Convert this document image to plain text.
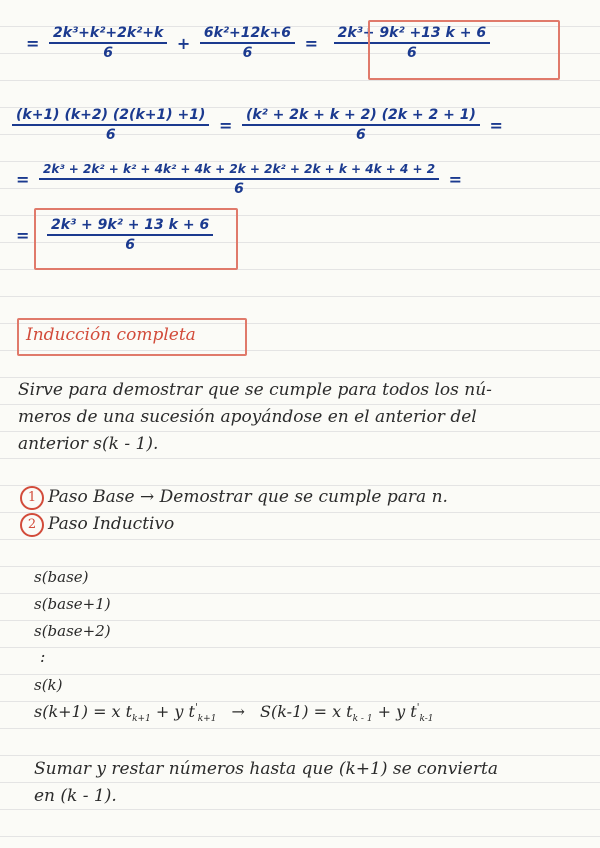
= $\frac{\text{2k³+k²+2k²+k}}{6} + \frac{\text{6k²+12k+6}}{6} = \frac{\text{2k³+ 9k² +13 k + 6}}{6}$
$\frac{(k+1) (k+2) (2(k+1) +1)}{6} = \frac{\text{(k² + 2k + k + 2) (2k + 2 + 1)}}{6}$ =
= $\frac{\text{2k³ + 2k² + k² + 4k² + 4k + 2k + 2k² + 2k + k + 4k + 4 + 2}}{6}$ =
= $\frac{\text{2k³ + 9k² + 13 k + 6}}{6}$
Inducción completa
Sirve para demostrar que se cumple para todos los nú-
meros de una sucesión apoyándose en el anterior del
anterior s(k - 1).
1 Paso Base → Demostrar que se cumple para n.
2 Paso Inductivo
s(base)
s(base+1)
s(base+2)
:
s(k)
s(k+1) = x $t_{k+1} + y$ $t'_{k+1} \to S(k-1) = x$ $t_{k - 1} + y$ $t'_{k-1}$
Sumar y restar números hasta que (k+1) se convierta
en (k - 1).
